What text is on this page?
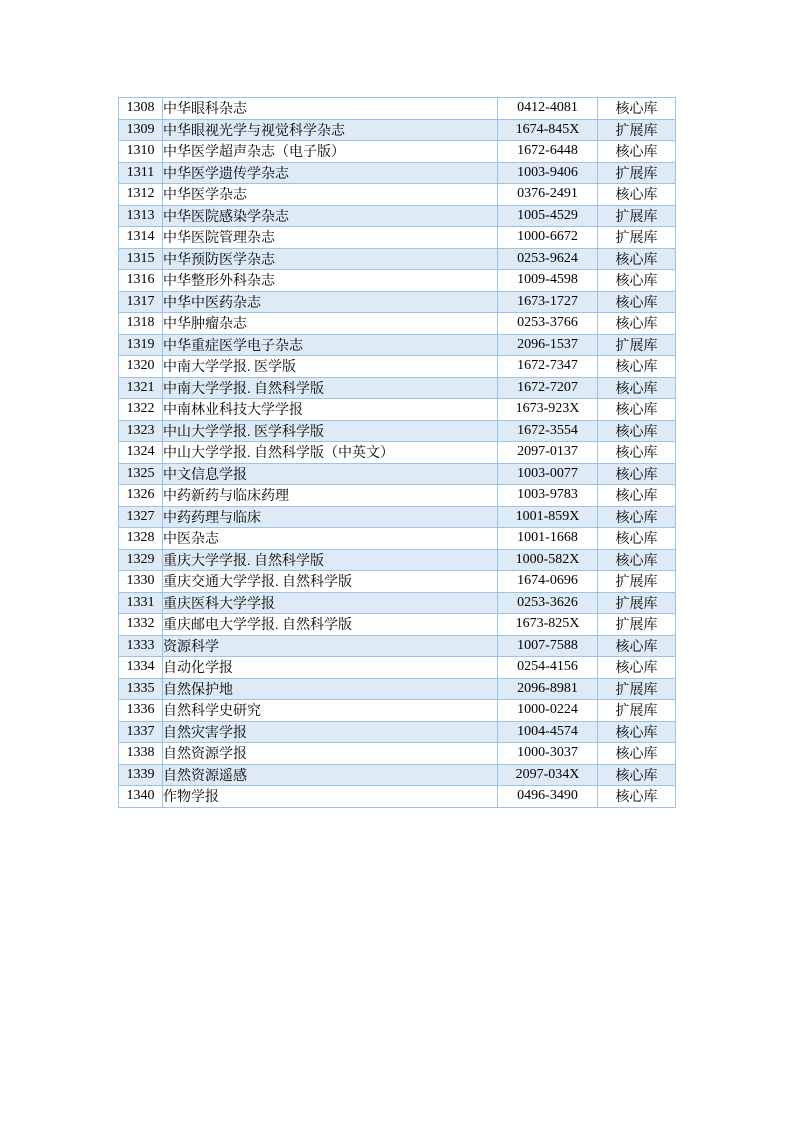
1308	中华眼科杂志	0412-4081	核心库
1309	中华眼视光学与视觉科学杂志	1674-845X	扩展库
1310	中华医学超声杂志（电子版）	1672-6448	核心库
1311	中华医学遗传学杂志	1003-9406	扩展库
1312	中华医学杂志	0376-2491	核心库
1313	中华医院感染学杂志	1005-4529	扩展库
1314	中华医院管理杂志	1000-6672	扩展库
1315	中华预防医学杂志	0253-9624	核心库
1316	中华整形外科杂志	1009-4598	核心库
1317	中华中医药杂志	1673-1727	核心库
1318	中华肿瘤杂志	0253-3766	核心库
1319	中华重症医学电子杂志	2096-1537	扩展库
1320	中南大学学报. 医学版	1672-7347	核心库
1321	中南大学学报. 自然科学版	1672-7207	核心库
1322	中南林业科技大学学报	1673-923X	核心库
1323	中山大学学报. 医学科学版	1672-3554	核心库
1324	中山大学学报. 自然科学版（中英文）	2097-0137	核心库
1325	中文信息学报	1003-0077	核心库
1326	中药新药与临床药理	1003-9783	核心库
1327	中药药理与临床	1001-859X	核心库
1328	中医杂志	1001-1668	核心库
1329	重庆大学学报. 自然科学版	1000-582X	核心库
1330	重庆交通大学学报. 自然科学版	1674-0696	扩展库
1331	重庆医科大学学报	0253-3626	扩展库
1332	重庆邮电大学学报. 自然科学版	1673-825X	扩展库
1333	资源科学	1007-7588	核心库
1334	自动化学报	0254-4156	核心库
1335	自然保护地	2096-8981	扩展库
1336	自然科学史研究	1000-0224	扩展库
1337	自然灾害学报	1004-4574	核心库
1338	自然资源学报	1000-3037	核心库
1339	自然资源遥感	2097-034X	核心库
1340	作物学报	0496-3490	核心库
